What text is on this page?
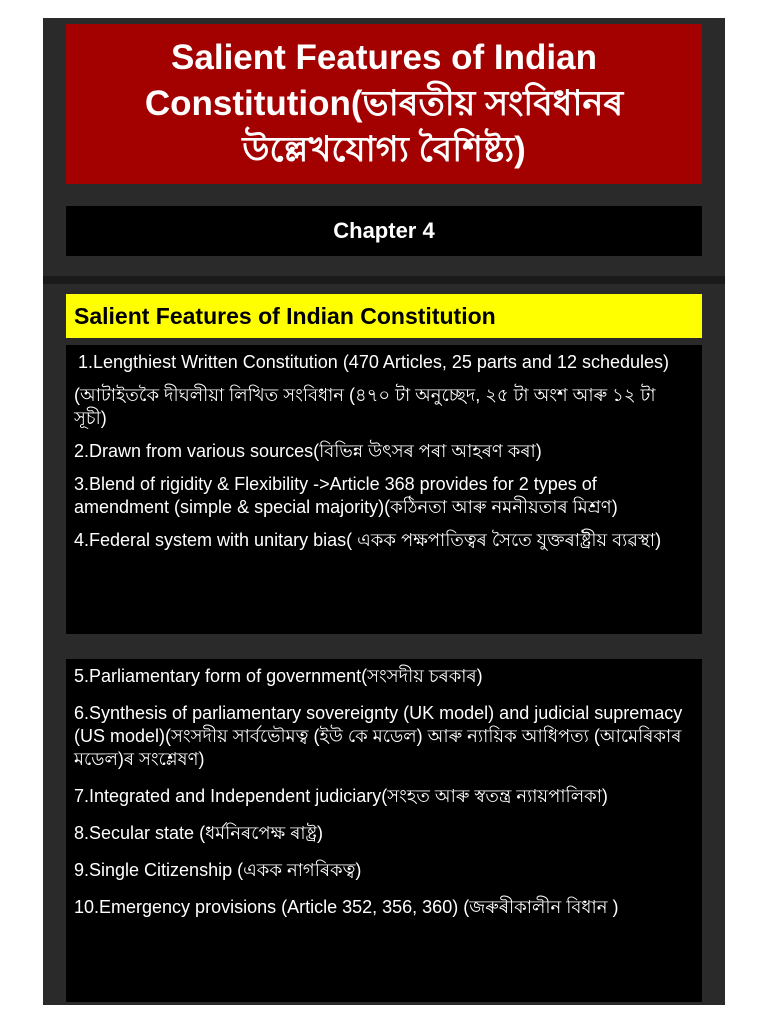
Salient Features of Indian Constitution(ভাৰতীয় সংবিধানৰ উল্লেখযোগ্য বৈশিষ্ট্য)
Chapter 4
Salient Features of Indian Constitution
1.Lengthiest Written Constitution (470 Articles, 25 parts and 12 schedules)
(আটাইতকৈ দীঘলীয়া লিখিত সংবিধান (৪৭০ টা অনুচ্ছেদ, ২৫ টা অংশ আৰু ১২ টা সূচী)
2.Drawn from various sources(বিভিন্ন উৎসৰ পৰা আহৰণ কৰা)
3.Blend of rigidity & Flexibility ->Article 368 provides for 2 types of amendment (simple & special majority)(কঠিনতা আৰু নমনীয়তাৰ মিশ্ৰণ)
4.Federal system with unitary bias( একক পক্ষপাতিত্বৰ সৈতে যুক্তৰাষ্ট্ৰীয় ব্যৱস্থা)
5.Parliamentary form of government(সংসদীয় চৰকাৰ)
6.Synthesis of parliamentary sovereignty (UK model) and judicial supremacy (US model)(সংসদীয় সাৰ্বভৌমত্ব (ইউ কে মডেল) আৰু ন্যায়িক আধিপত্য (আমেৰিকাৰ মডেল)ৰ সংশ্লেষণ)
7.Integrated and Independent judiciary(সংহত আৰু স্বতন্ত্ৰ ন্যায়পালিকা)
8.Secular state (ধৰ্মনিৰপেক্ষ ৰাষ্ট্ৰ)
9.Single Citizenship (একক নাগৰিকত্ব)
10.Emergency provisions (Article 352, 356, 360) (জৰুৰীকালীন বিধান )
